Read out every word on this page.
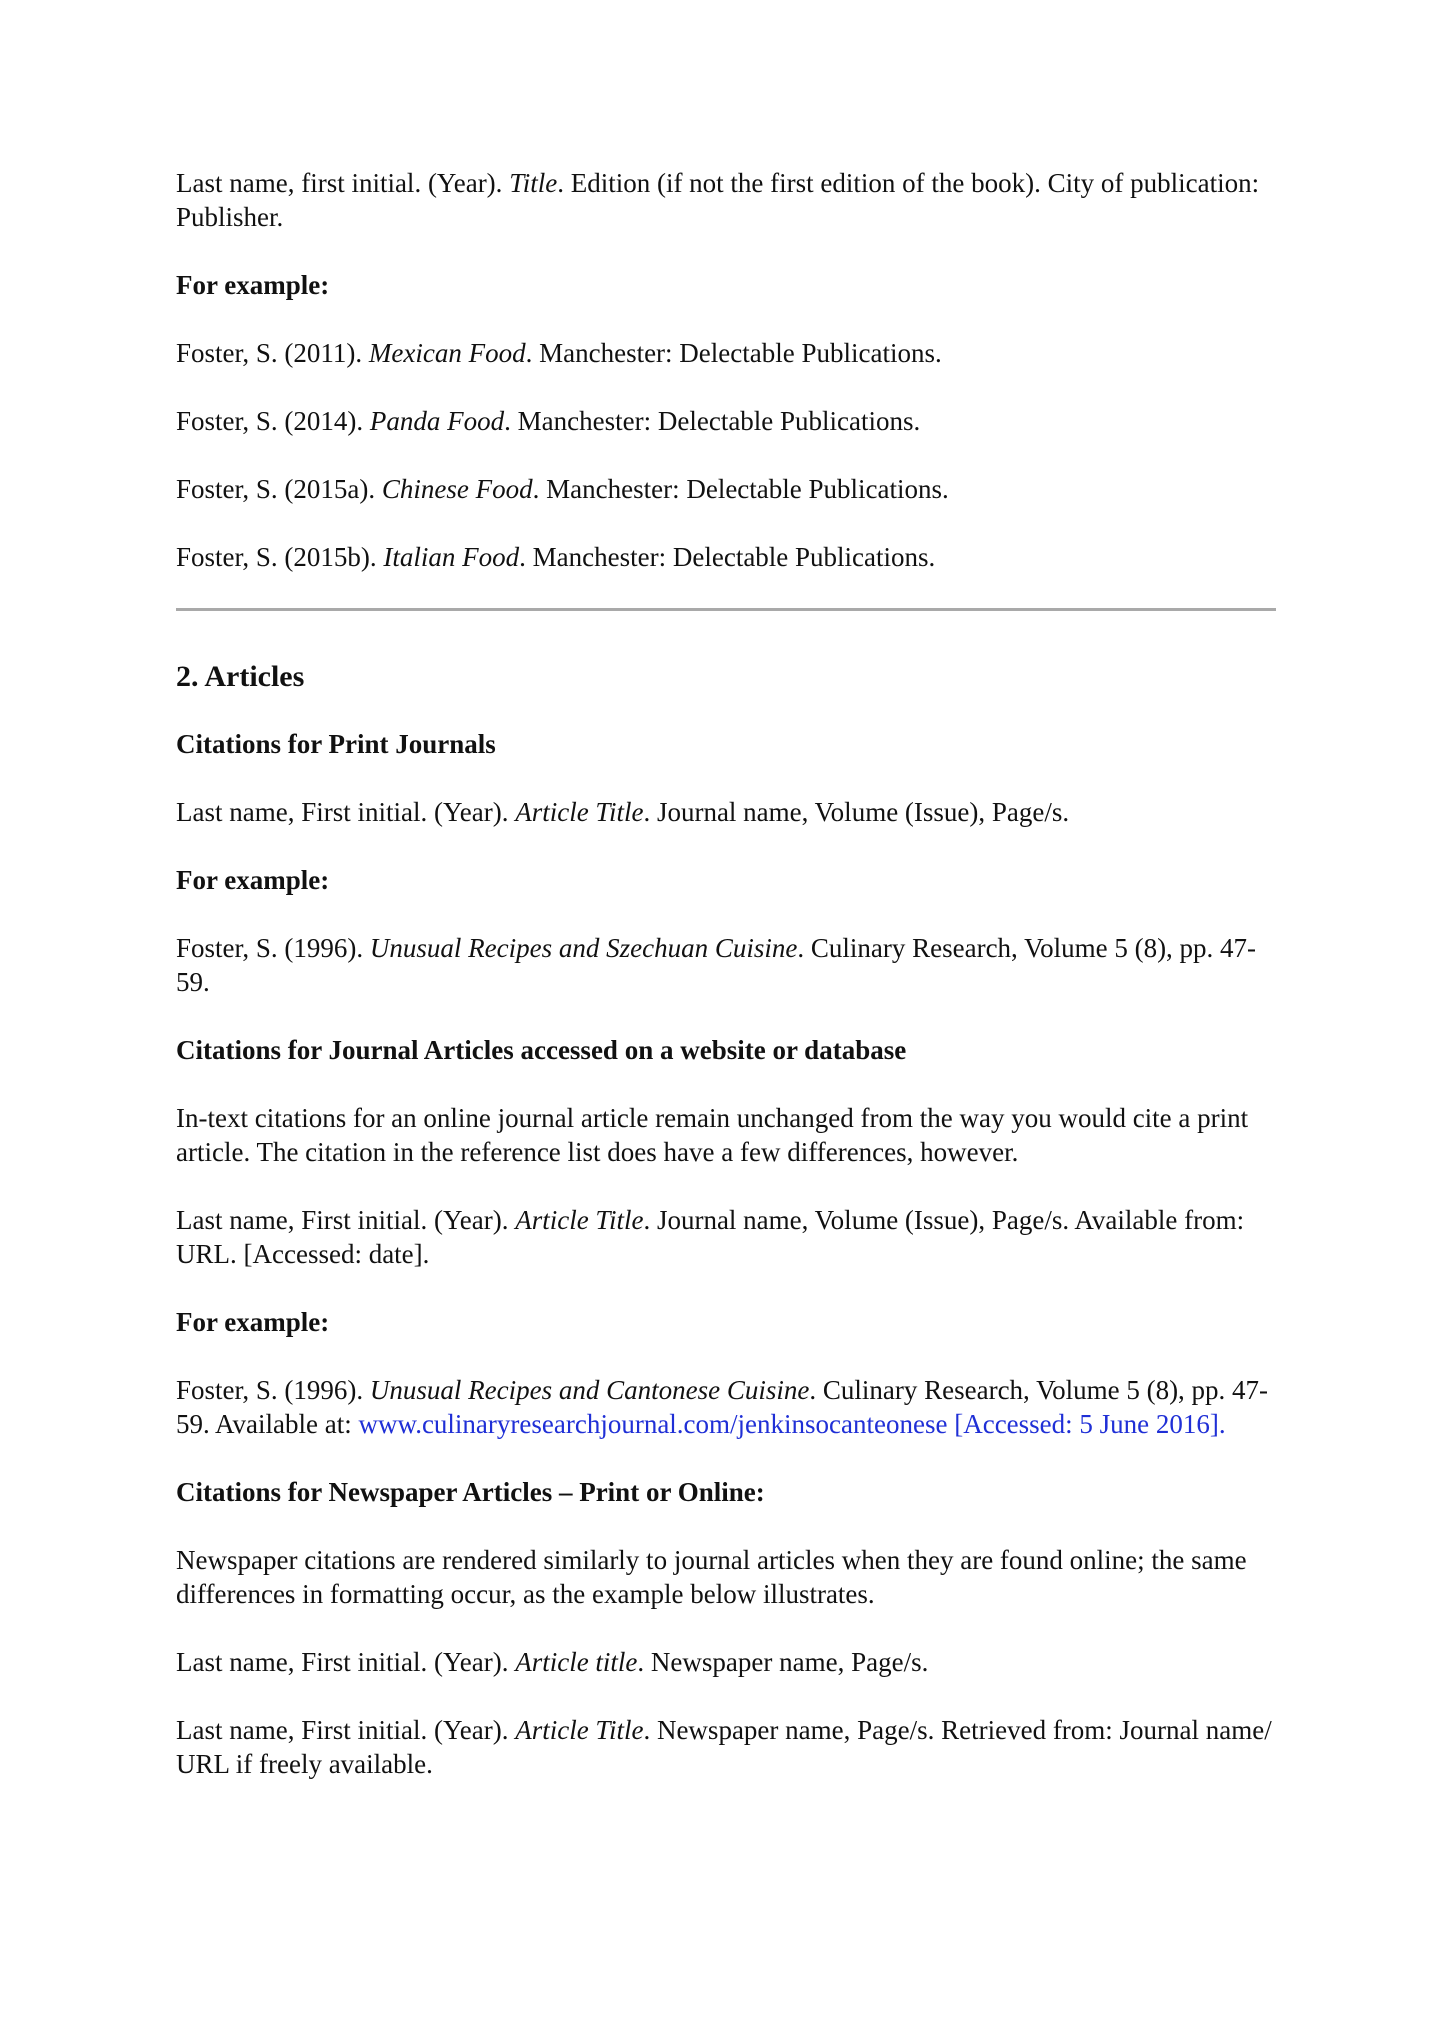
Last name, first initial. (Year). Title. Edition (if not the first edition of the book). City of publication: Publisher.

For example:

Foster, S. (2011). Mexican Food. Manchester: Delectable Publications.

Foster, S. (2014). Panda Food. Manchester: Delectable Publications.

Foster, S. (2015a). Chinese Food. Manchester: Delectable Publications.

Foster, S. (2015b). Italian Food. Manchester: Delectable Publications.

2. Articles

Citations for Print Journals

Last name, First initial. (Year). Article Title. Journal name, Volume (Issue), Page/s.

For example:

Foster, S. (1996). Unusual Recipes and Szechuan Cuisine. Culinary Research, Volume 5 (8), pp. 47-59.

Citations for Journal Articles accessed on a website or database

In-text citations for an online journal article remain unchanged from the way you would cite a print article. The citation in the reference list does have a few differences, however.

Last name, First initial. (Year). Article Title. Journal name, Volume (Issue), Page/s. Available from: URL. [Accessed: date].

For example:

Foster, S. (1996). Unusual Recipes and Cantonese Cuisine. Culinary Research, Volume 5 (8), pp. 47-59. Available at: www.culinaryresearchjournal.com/jenkinsocanteonese [Accessed: 5 June 2016].

Citations for Newspaper Articles – Print or Online:

Newspaper citations are rendered similarly to journal articles when they are found online; the same differences in formatting occur, as the example below illustrates.

Last name, First initial. (Year). Article title. Newspaper name, Page/s.

Last name, First initial. (Year). Article Title. Newspaper name, Page/s. Retrieved from: Journal name/ URL if freely available.
